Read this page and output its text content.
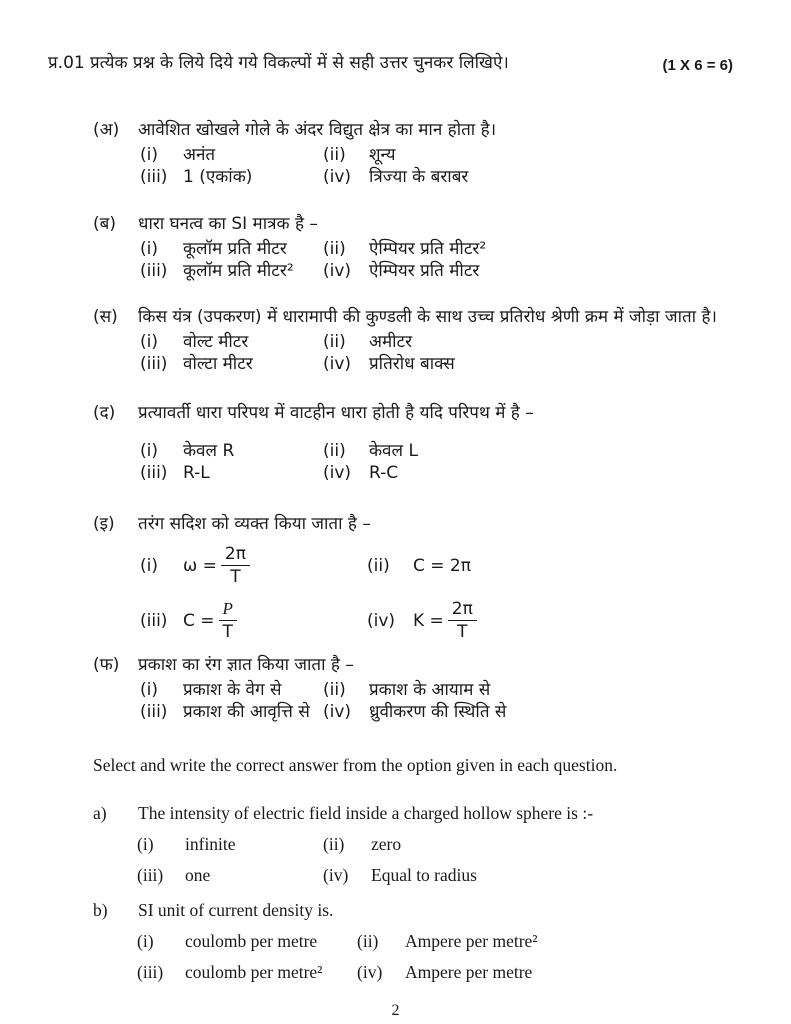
प्र.01 प्रत्येक प्रश्न के लिये दिये गये विकल्पों में से सही उत्तर चुनकर लिखिऐ।	(1 X 6 = 6)
(अ)	आवेशित खोखले गोले के अंदर विद्युत क्षेत्र का मान होता है।
(i)	अनंत	(ii)	शून्य
(iii) 1 (एकांक)	(iv)	त्रिज्या के बराबर
(ब)	धारा घनत्व का SI मात्रक है –
(i)	कूलॉम प्रति मीटर	(ii)	ऐम्पियर प्रति मीटर²
(iii) कूलॉम प्रति मीटर²	(iv)	ऐम्पियर प्रति मीटर
(स)	किस यंत्र (उपकरण) में धारामापी की कुण्डली के साथ उच्च प्रतिरोध श्रेणी क्रम में जोड़ा जाता है।
(i)	वोल्ट मीटर	(ii)	अमीटर
(iii) वोल्टा मीटर	(iv)	प्रतिरोध बाक्स
(द)	प्रत्यावर्ती धारा परिपथ में वाटहीन धारा होती है यदि परिपथ में है –
(i)	केवल R	(ii)	केवल L
(iii) R-L	(iv)	R-C
(इ)	तरंग सदिश को व्यक्त किया जाता है –
(i)	$\omega = \frac{2\pi}{T}$	(ii)	C = 2π
(iii) $C = \frac{P}{T}$	(iv)	$K = \frac{2\pi}{T}$
(फ)	प्रकाश का रंग ज्ञात किया जाता है –
(i)	प्रकाश के वेग से	(ii)	प्रकाश के आयाम से
(iii) प्रकाश की आवृत्ति से (iv)	ध्रुवीकरण की स्थिति से
Select and write the correct answer from the option given in each question.
a)	The intensity of electric field inside a charged hollow sphere is :-
(i)	infinite	(ii)	zero
(iii)	one	(iv)	Equal to radius
b)	SI unit of current density is.
(i)	coulomb per metre	(ii)	Ampere per metre²
(iii)	coulomb per metre²	(iv)	Ampere per metre
2
